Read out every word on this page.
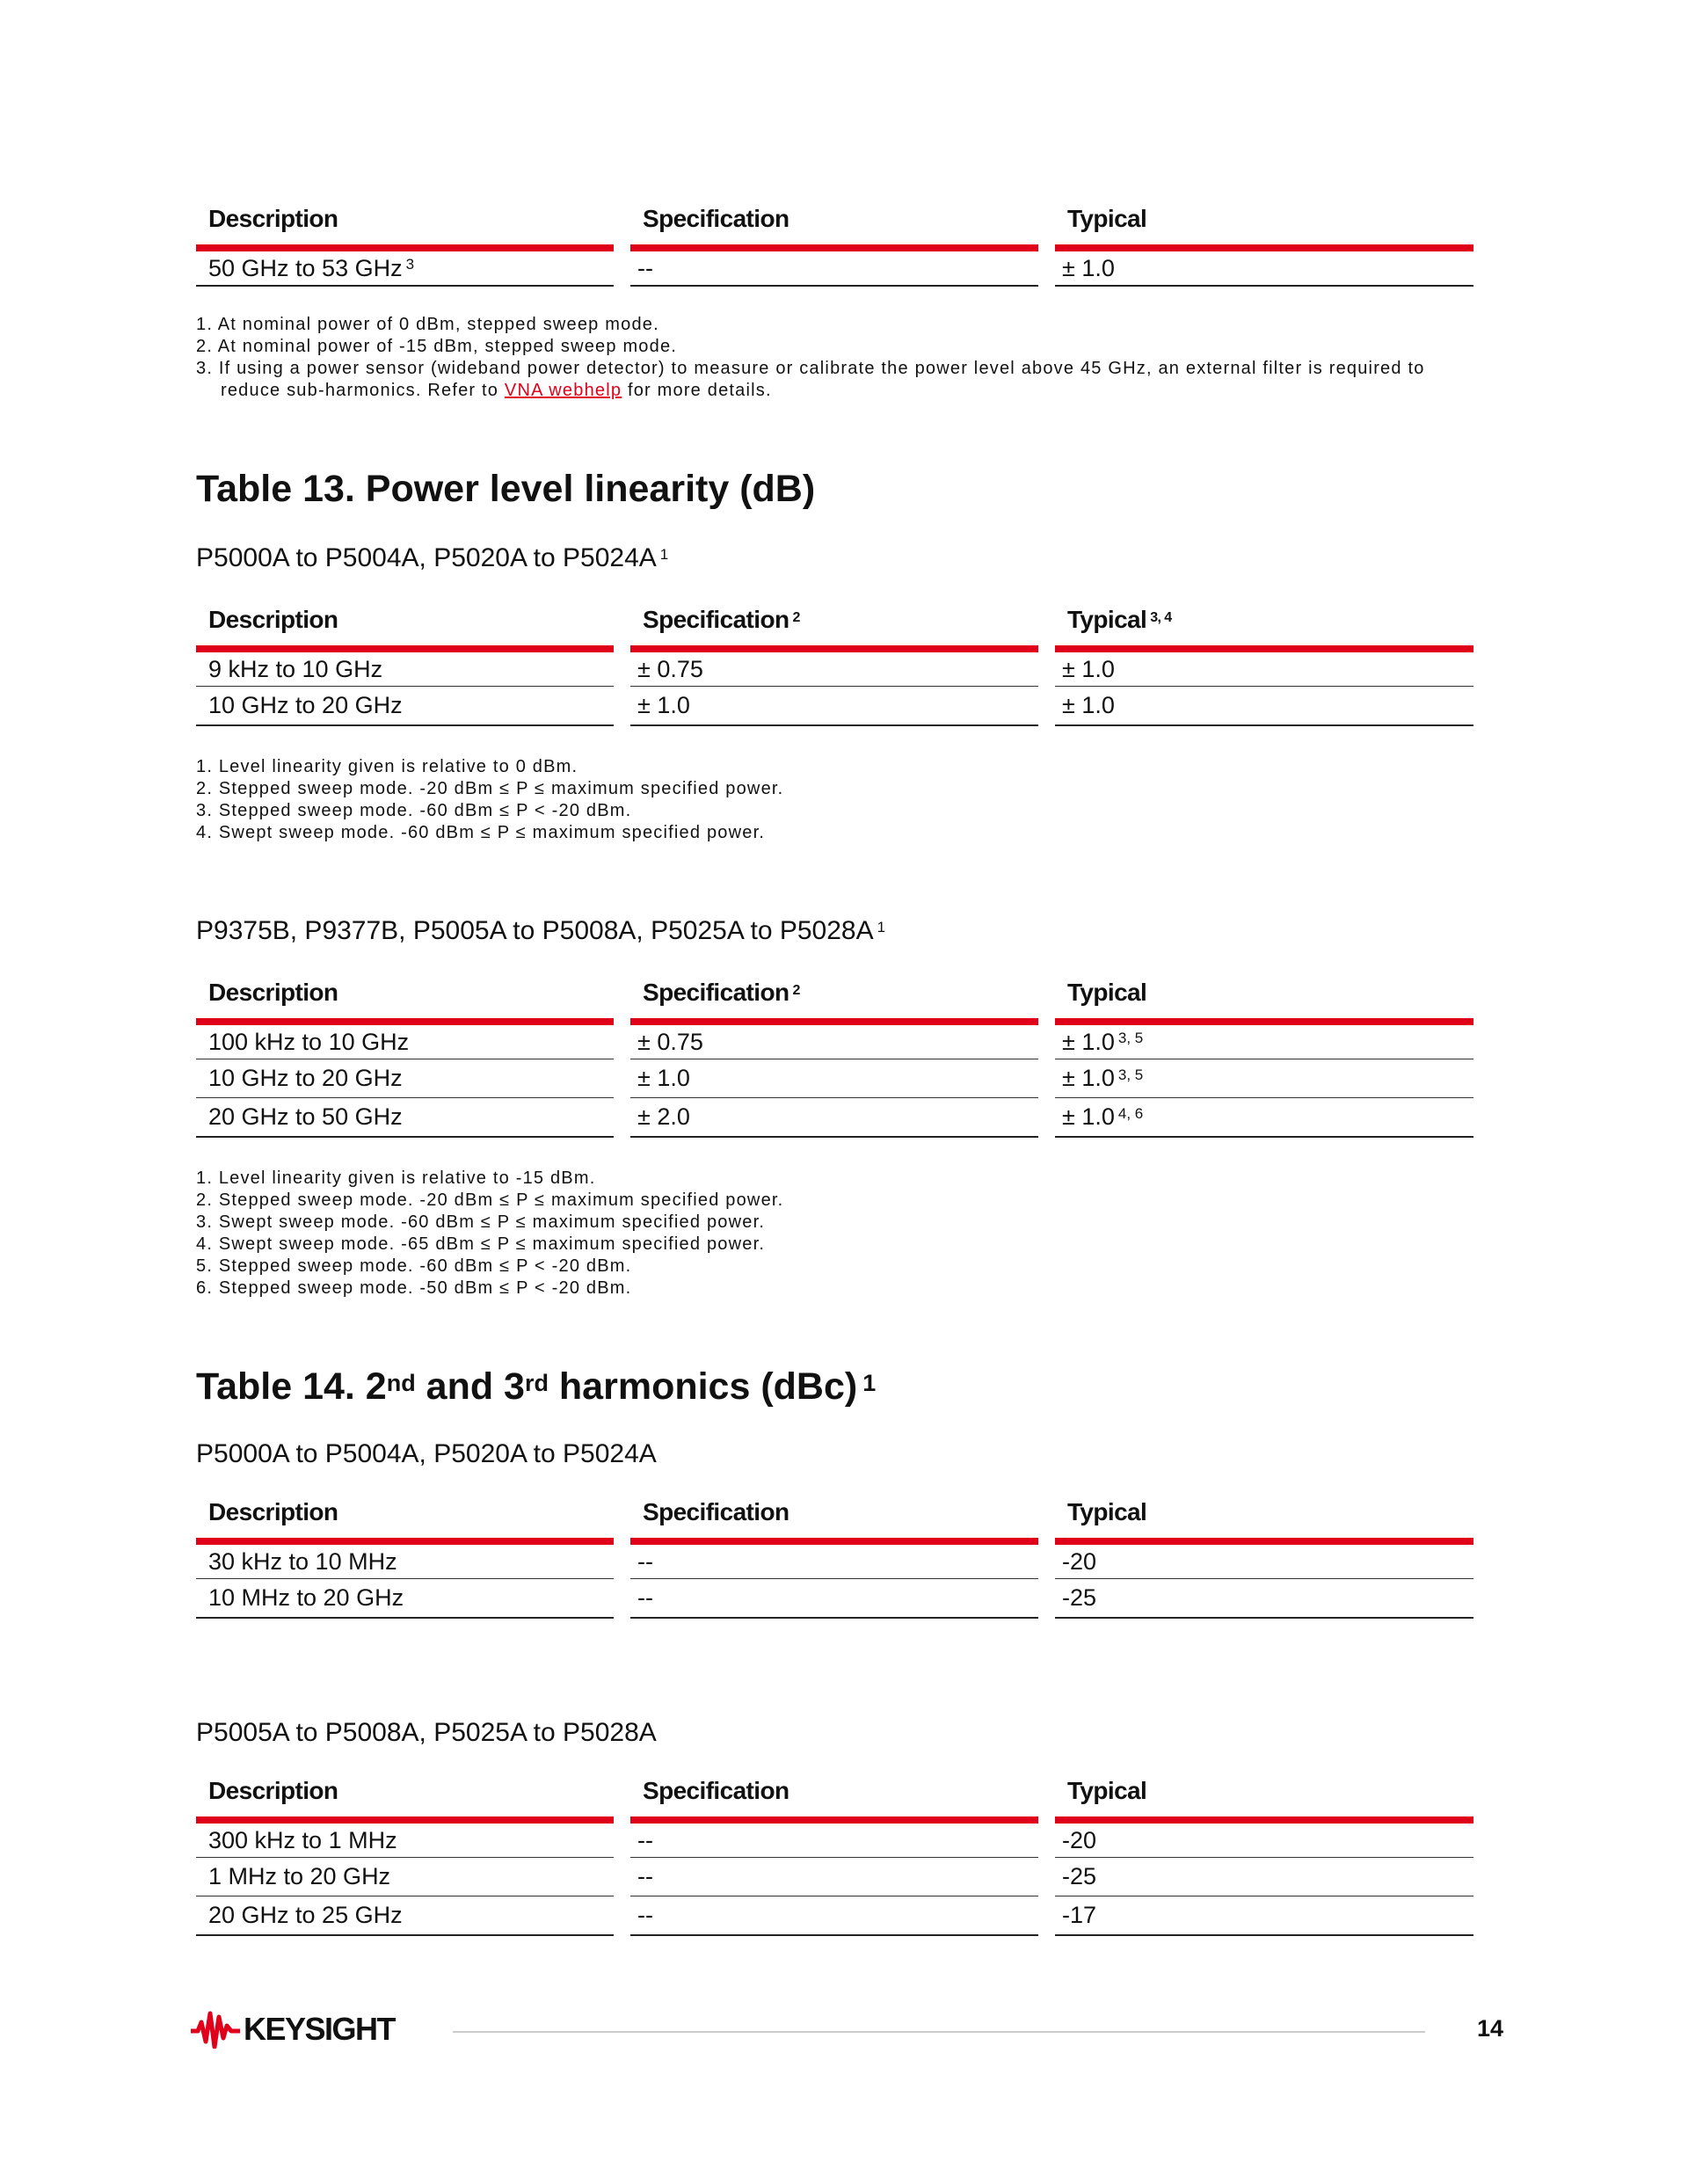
Description	Specification	Typical
50 GHz to 53 GHz $^3$	--	± 1.0
1. At nominal power of 0 dBm, stepped sweep mode.
2. At nominal power of -15 dBm, stepped sweep mode.
3. If using a power sensor (wideband power detector) to measure or calibrate the power level above 45 GHz, an external filter is required to reduce sub-harmonics. Refer to VNA webhelp for more details.
Table 13. Power level linearity (dB)
P5000A to P5004A, P5020A to P5024A $^1$
Description	Specification $^2$	Typical $^{3, 4}$
9 kHz to 10 GHz	± 0.75	± 1.0
10 GHz to 20 GHz	± 1.0	± 1.0
1. Level linearity given is relative to 0 dBm.
2. Stepped sweep mode. -20 dBm ≤ P ≤ maximum specified power.
3. Stepped sweep mode. -60 dBm ≤ P < -20 dBm.
4. Swept sweep mode. -60 dBm ≤ P ≤ maximum specified power.
P9375B, P9377B, P5005A to P5008A, P5025A to P5028A $^1$
Description	Specification $^2$	Typical
100 kHz to 10 GHz	± 0.75	± 1.0 $^{3, 5}$
10 GHz to 20 GHz	± 1.0	± 1.0 $^{3, 5}$
20 GHz to 50 GHz	± 2.0	± 1.0 $^{4, 6}$
1. Level linearity given is relative to -15 dBm.
2. Stepped sweep mode. -20 dBm ≤ P ≤ maximum specified power.
3. Swept sweep mode. -60 dBm ≤ P ≤ maximum specified power.
4. Swept sweep mode. -65 dBm ≤ P ≤ maximum specified power.
5. Stepped sweep mode. -60 dBm ≤ P < -20 dBm.
6. Stepped sweep mode. -50 dBm ≤ P < -20 dBm.
Table 14. 2nd and 3rd harmonics (dBc) $^1$
P5000A to P5004A, P5020A to P5024A
Description	Specification	Typical
30 kHz to 10 MHz	--	-20
10 MHz to 20 GHz	--	-25
P5005A to P5008A, P5025A to P5028A
Description	Specification	Typical
300 kHz to 1 MHz	--	-20
1 MHz to 20 GHz	--	-25
20 GHz to 25 GHz	--	-17
KEYSIGHT	14
